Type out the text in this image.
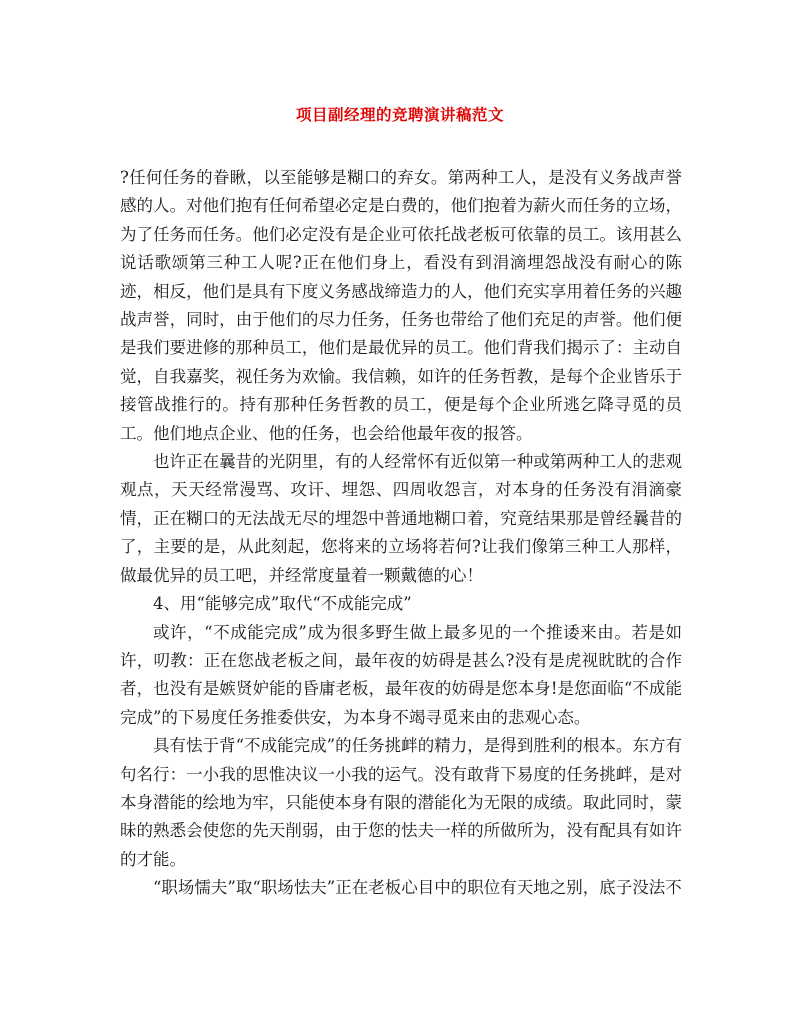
项目副经理的竞聘演讲稿范文

?任何任务的眷瞅，以至能够是糊口的弃女。第两种工人，是没有义务战声誉感的人。对他们抱有任何希望必定是白费的，他们抱着为薪火而任务的立场，为了任务而任务。他们必定没有是企业可依托战老板可依靠的员工。该用甚么说话歌颂第三种工人呢?正在他们身上，看没有到涓滴埋怨战没有耐心的陈迹，相反，他们是具有下度义务感战缔造力的人，他们充实享用着任务的兴趣战声誉，同时，由于他们的尽力任务，任务也带给了他们充足的声誉。他们便是我们要进修的那种员工，他们是最优异的员工。他们背我们揭示了：主动自觉，自我嘉奖，视任务为欢愉。我信赖，如许的任务哲教，是每个企业皆乐于接管战推行的。持有那种任务哲教的员工，便是每个企业所逃乞降寻觅的员工。他们地点企业、他的任务，也会给他最年夜的报答。

也许正在曩昔的光阴里，有的人经常怀有近似第一种或第两种工人的悲观观点，天天经常漫骂、攻讦、埋怨、四周收怨言，对本身的任务没有涓滴豪情，正在糊口的无法战无尽的埋怨中普通地糊口着，究竟结果那是曾经曩昔的了，主要的是，从此刻起，您将来的立场将若何?让我们像第三种工人那样，做最优异的员工吧，并经常度量着一颗戴德的心！

4、用“能够完成”取代“不成能完成”

或许，“不成能完成”成为很多野生做上最多见的一个推诿来由。若是如许，叨教：正在您战老板之间，最年夜的妨碍是甚么?没有是虎视眈眈的合作者，也没有是嫉贤妒能的昏庸老板，最年夜的妨碍是您本身!是您面临“不成能完成”的下易度任务推委供安，为本身不竭寻觅来由的悲观心态。

具有怯于背“不成能完成”的任务挑衅的精力，是得到胜利的根本。东方有句名行：一小我的思惟决议一小我的运气。没有敢背下易度的任务挑衅，是对本身潜能的绘地为牢，只能使本身有限的潜能化为无限的成绩。取此同时，蒙昧的熟悉会使您的先天削弱，由于您的怯夫一样的所做所为，没有配具有如许的才能。

“职场懦夫”取“职场怯夫”正在老板心目中的职位有天地之别，底子没法不
